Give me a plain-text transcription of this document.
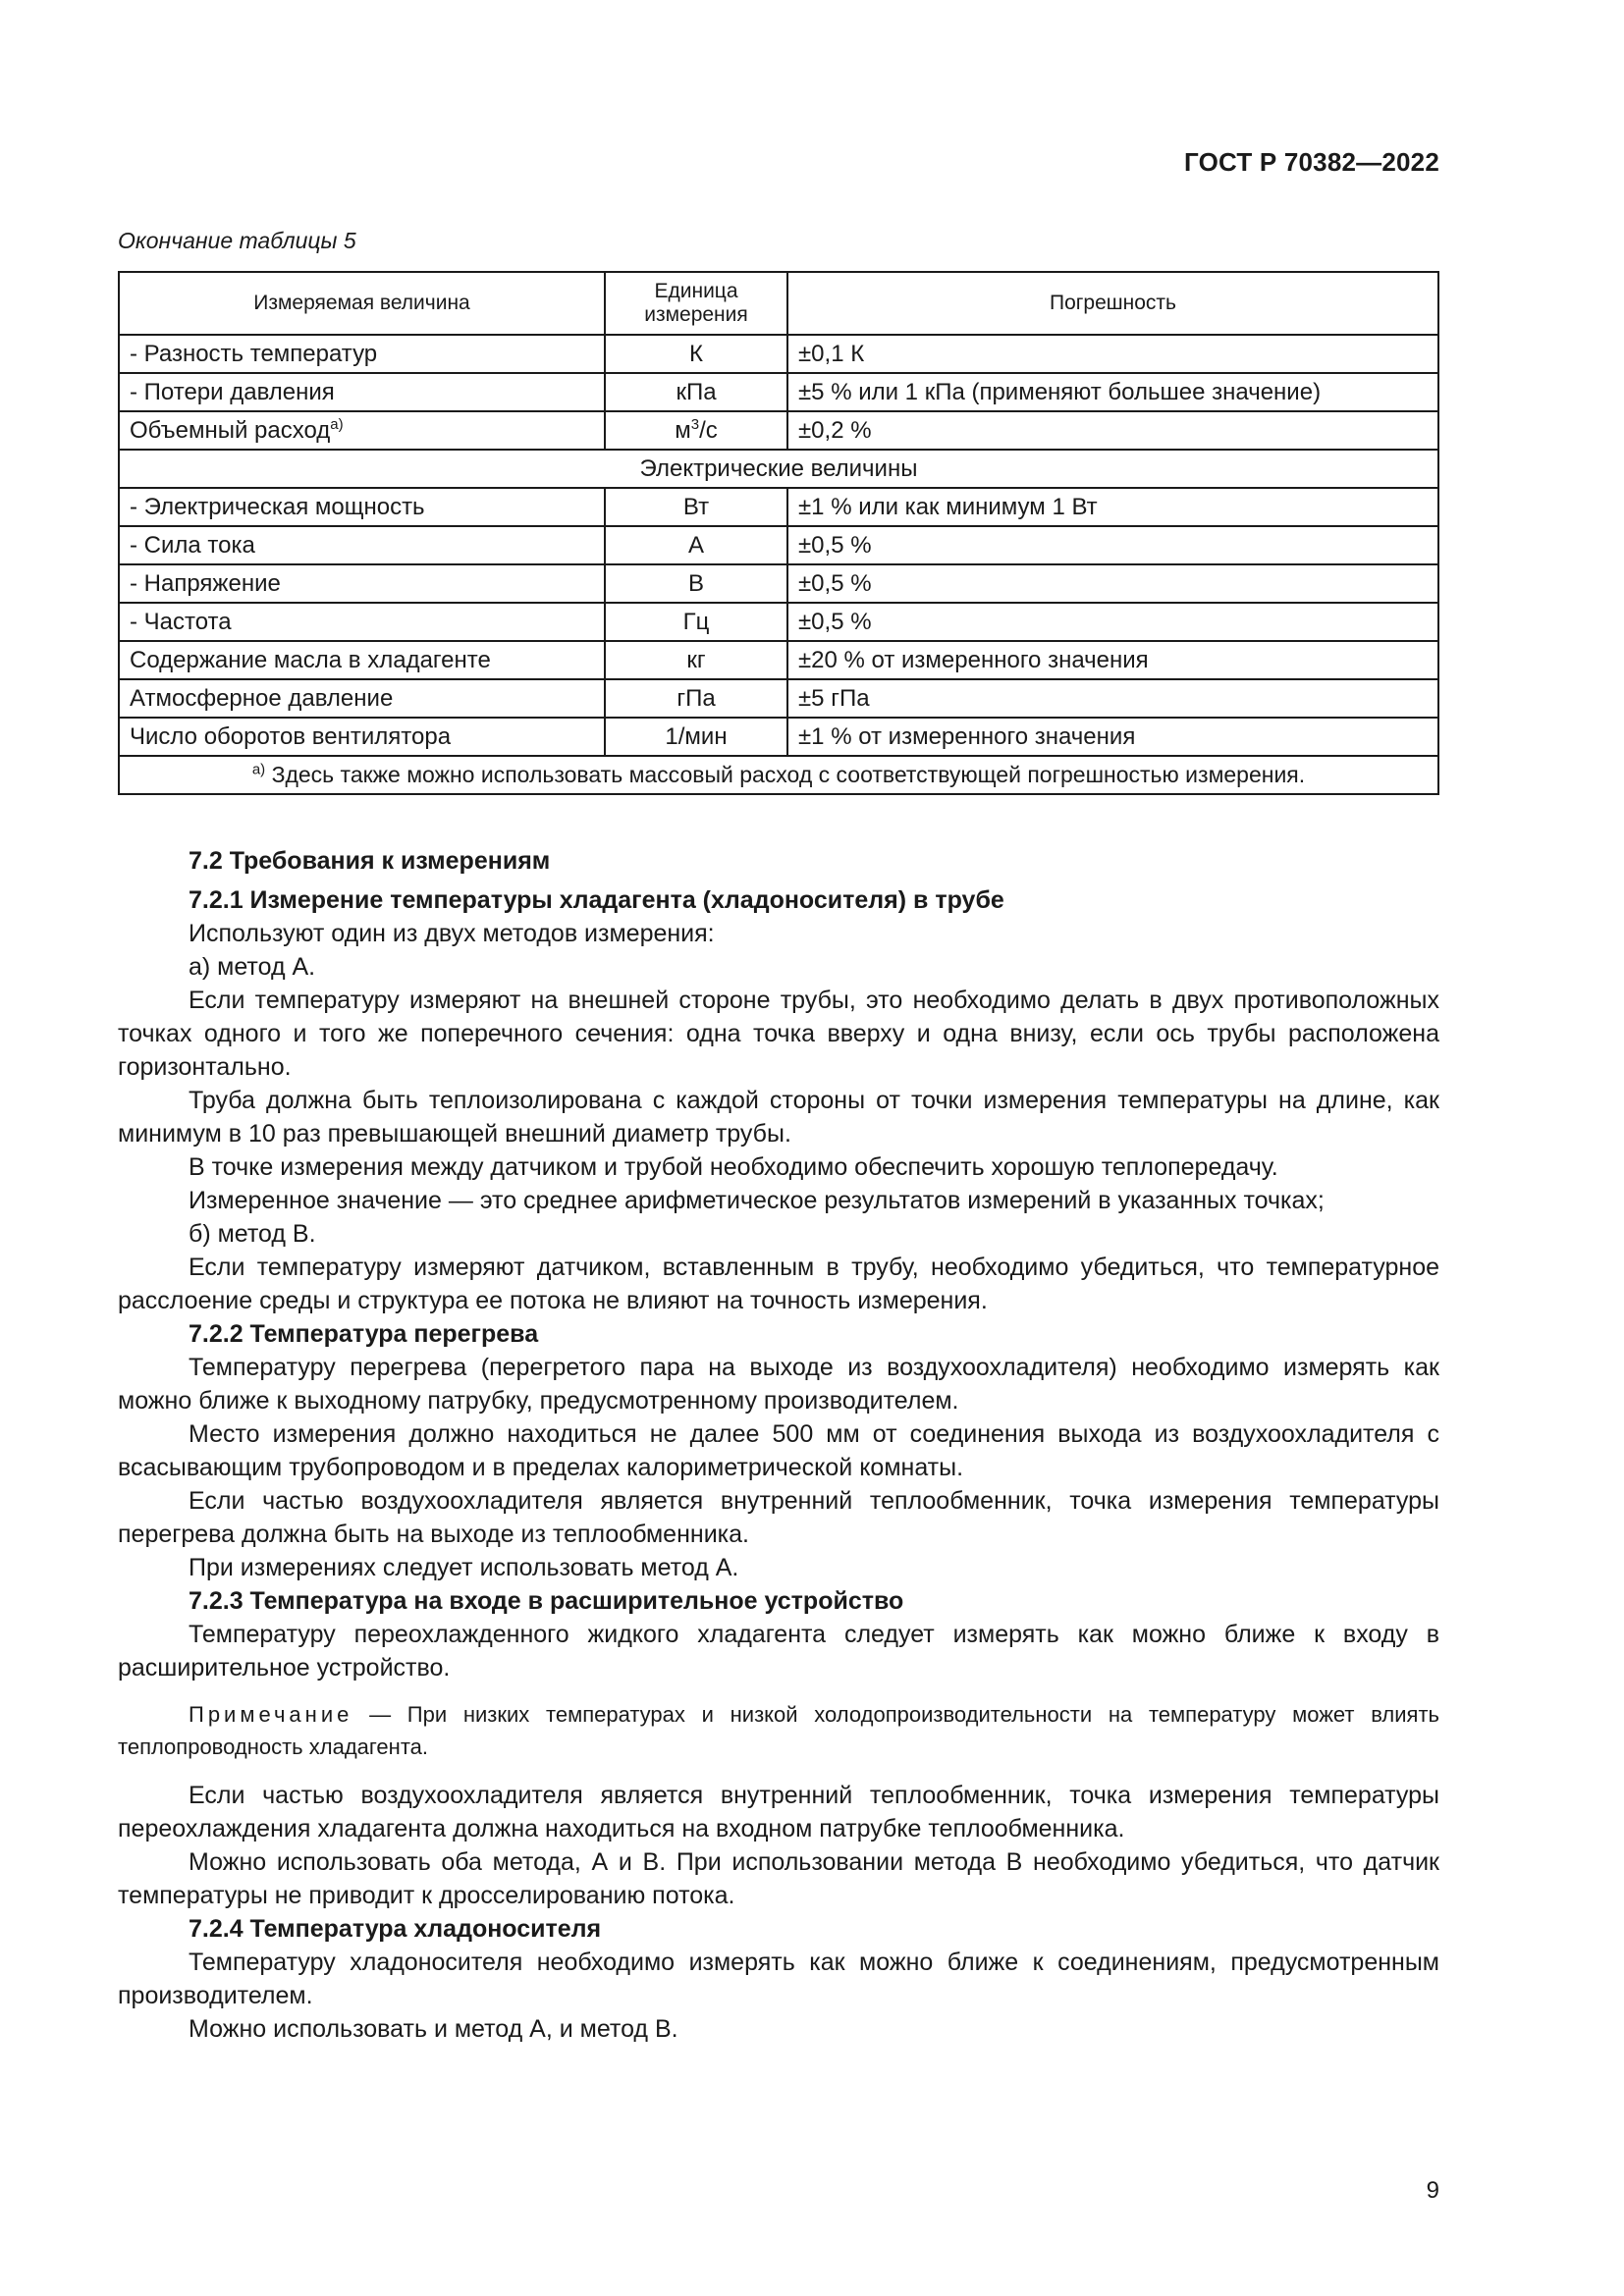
ГОСТ Р 70382—2022
Окончание таблицы 5
Измеряемая величина	Единица измерения	Погрешность
- Разность температур	К	±0,1 К
- Потери давления	кПа	±5 % или 1 кПа (применяют большее значение)
Объемный расход$^{а)}$	$м^3/с$	±0,2 %
Электрические величины		
- Электрическая мощность	Вт	±1 % или как минимум 1 Вт
- Сила тока	А	±0,5 %
- Напряжение	В	±0,5 %
- Частота	Гц	±0,5 %
Содержание масла в хладагенте	кг	±20 % от измеренного значения
Атмосферное давление	гПа	±5 гПа
Число оборотов вентилятора	1/мин	±1 % от измеренного значения
$^{а)}$ Здесь также можно использовать массовый расход с соответствующей погрешностью измерения.		

7.2 Требования к измерениям

7.2.1 Измерение температуры хладагента (хладоносителя) в трубе

Используют один из двух методов измерения:

а) метод А.

Если температуру измеряют на внешней стороне трубы, это необходимо делать в двух противоположных точках одного и того же поперечного сечения: одна точка вверху и одна внизу, если ось трубы расположена горизонтально.

Труба должна быть теплоизолирована с каждой стороны от точки измерения температуры на длине, как минимум в 10 раз превышающей внешний диаметр трубы.

В точке измерения между датчиком и трубой необходимо обеспечить хорошую теплопередачу.

Измеренное значение — это среднее арифметическое результатов измерений в указанных точках;

б) метод В.

Если температуру измеряют датчиком, вставленным в трубу, необходимо убедиться, что температурное расслоение среды и структура ее потока не влияют на точность измерения.

7.2.2 Температура перегрева

Температуру перегрева (перегретого пара на выходе из воздухоохладителя) необходимо измерять как можно ближе к выходному патрубку, предусмотренному производителем.

Место измерения должно находиться не далее 500 мм от соединения выхода из воздухоохладителя с всасывающим трубопроводом и в пределах калориметрической комнаты.

Если частью воздухоохладителя является внутренний теплообменник, точка измерения температуры перегрева должна быть на выходе из теплообменника.

При измерениях следует использовать метод А.

7.2.3 Температура на входе в расширительное устройство

Температуру переохлажденного жидкого хладагента следует измерять как можно ближе к входу в расширительное устройство.

Примечание — При низких температурах и низкой холодопроизводительности на температуру может влиять теплопроводность хладагента.

Если частью воздухоохладителя является внутренний теплообменник, точка измерения температуры переохлаждения хладагента должна находиться на входном патрубке теплообменника.

Можно использовать оба метода, А и В. При использовании метода В необходимо убедиться, что датчик температуры не приводит к дросселированию потока.

7.2.4 Температура хладоносителя

Температуру хладоносителя необходимо измерять как можно ближе к соединениям, предусмотренным производителем.

Можно использовать и метод А, и метод В.

9
